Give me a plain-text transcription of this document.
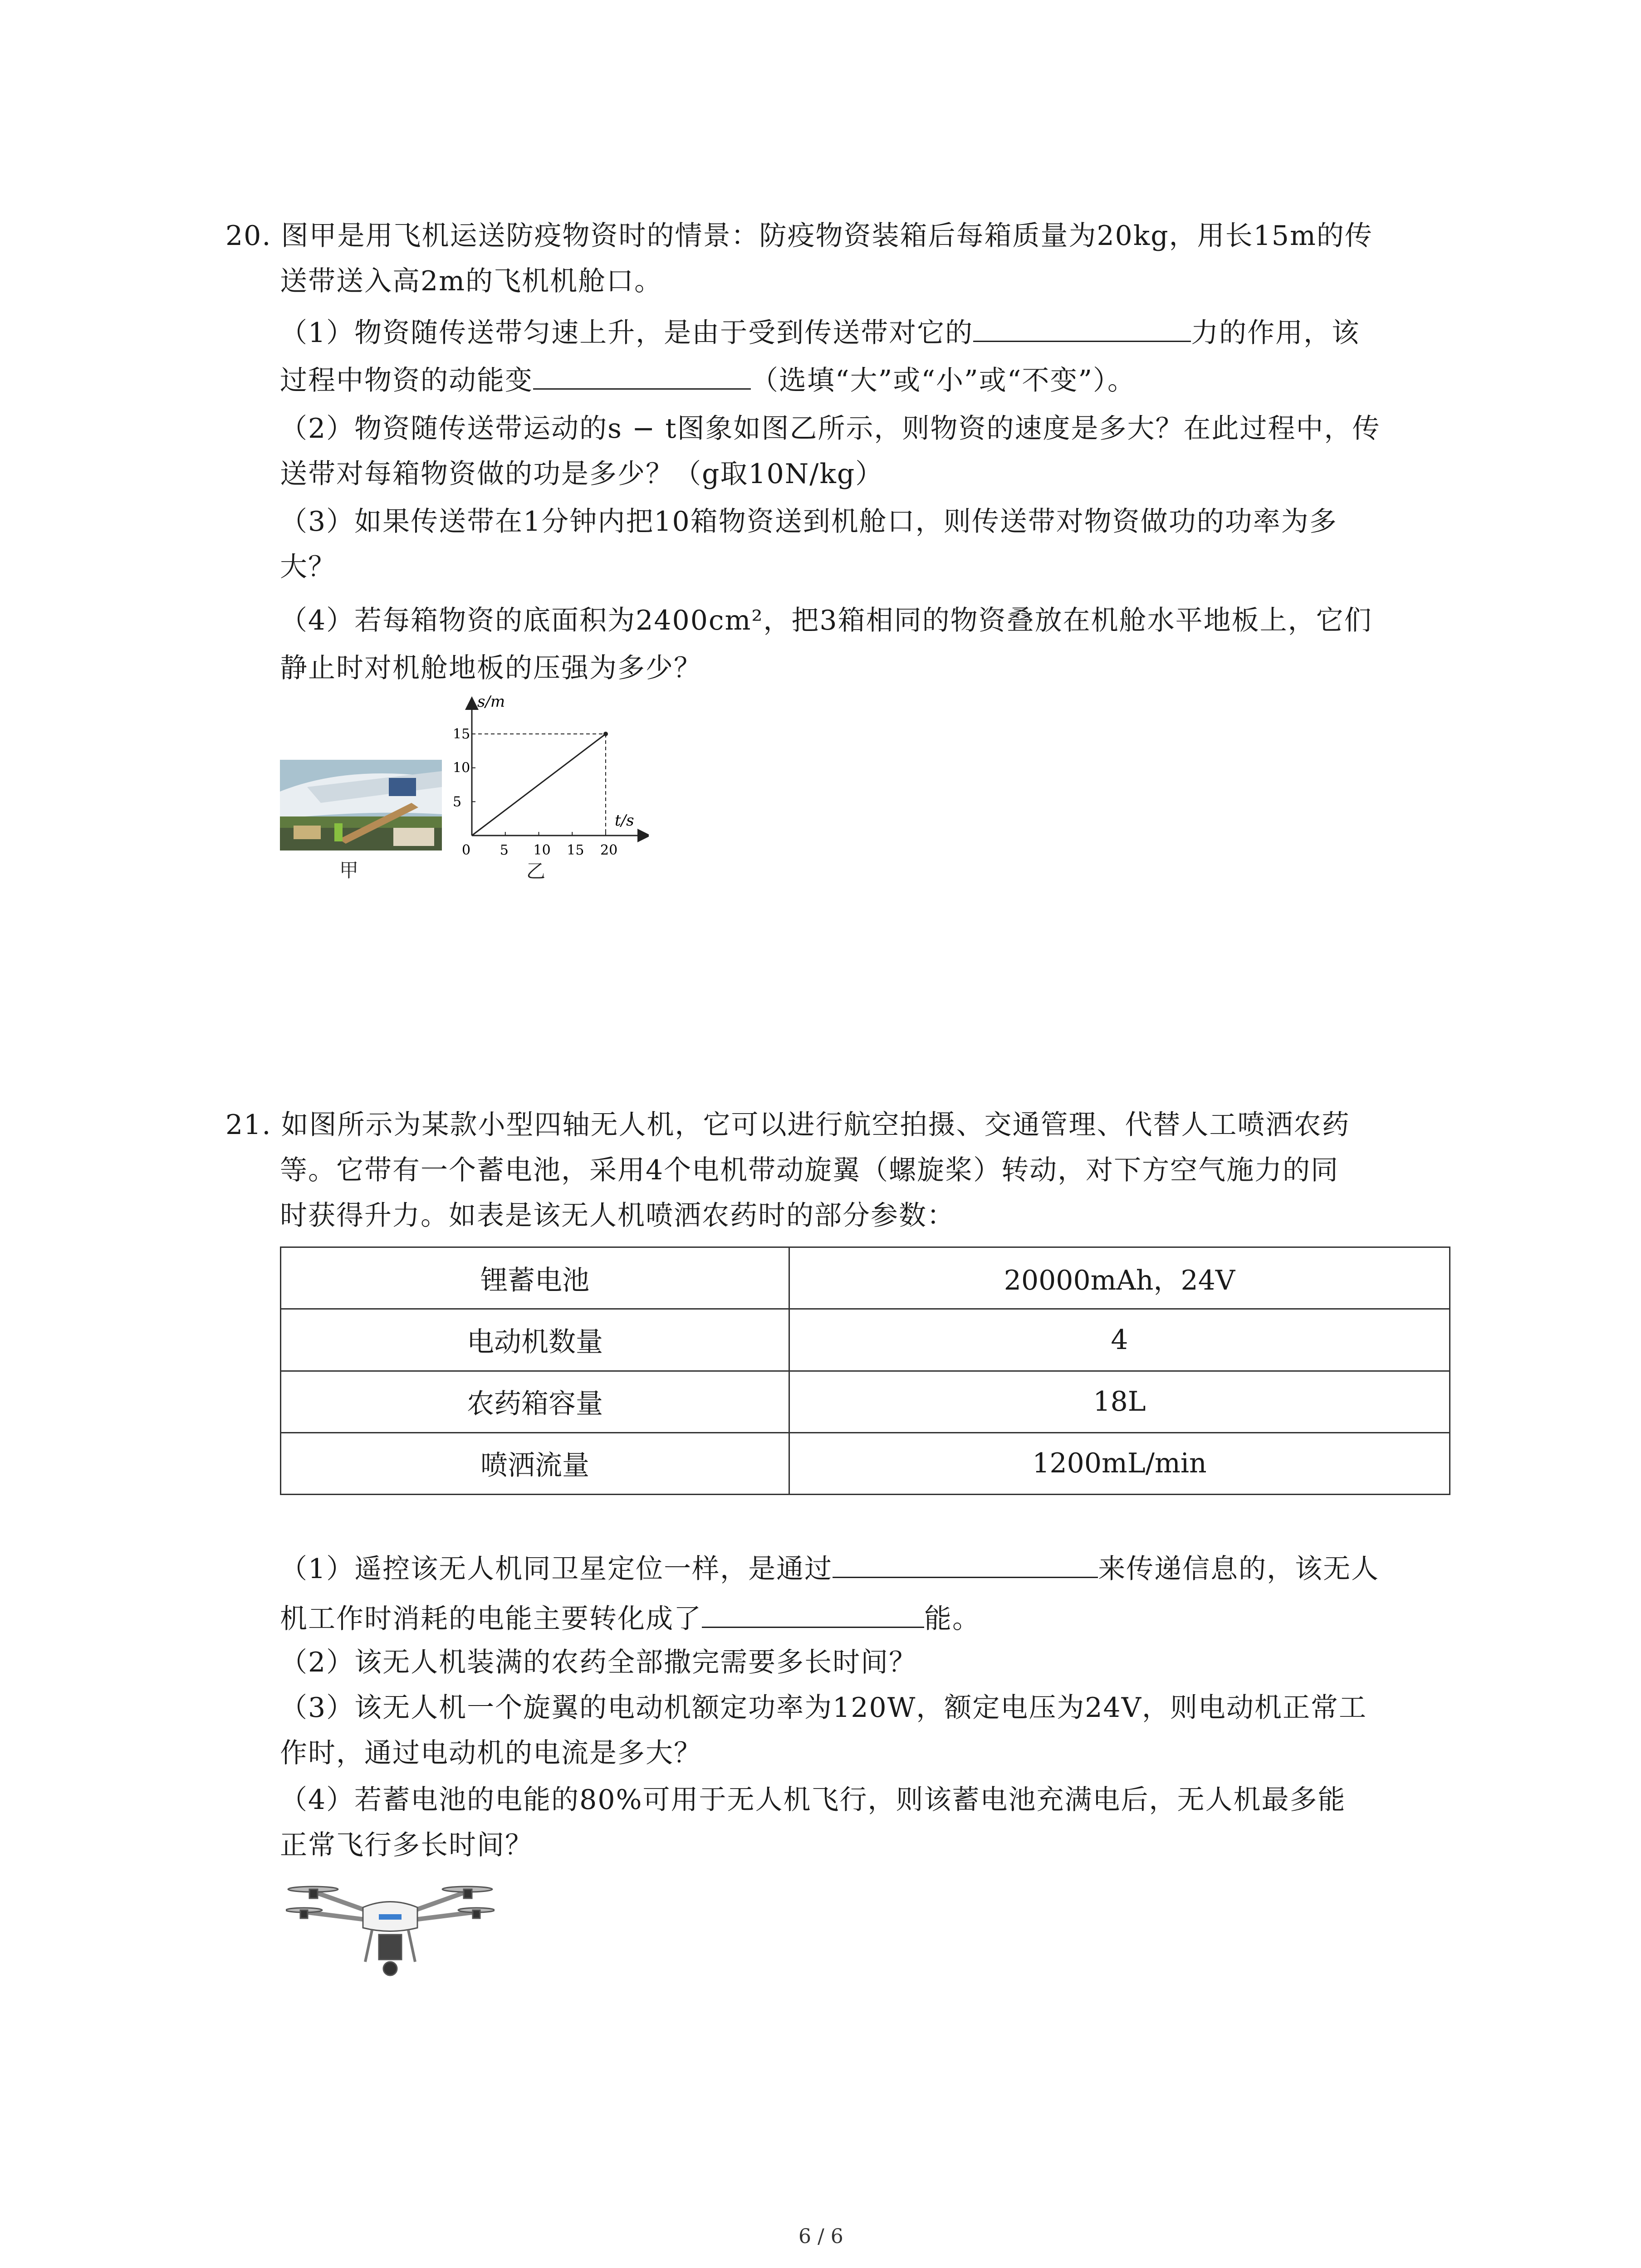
20. 图甲是用飞机运送防疫物资时的情景：防疫物资装箱后每箱质量为20kg，用长15m的传
送带送入高2m的飞机机舱口。
（1）物资随传送带匀速上升，是由于受到传送带对它的	力的作用，该
过程中物资的动能变	（选填“大”或“小”或“不变”）。
（2）物资随传送带运动的s − t图象如图乙所示，则物资的速度是多大？在此过程中，传
送带对每箱物资做的功是多少？（g取10N/kg）
（3）如果传送带在1分钟内把10箱物资送到机舱口，则传送带对物资做功的功率为多
大？
（4）若每箱物资的底面积为2400cm²，把3箱相同的物资叠放在机舱水平地板上，它们
静止时对机舱地板的压强为多少？
甲
0 5 10 15 20
5
10
15
s/m
t/s
乙
21. 如图所示为某款小型四轴无人机，它可以进行航空拍摄、交通管理、代替人工喷洒农药
等。它带有一个蓄电池，采用4个电机带动旋翼（螺旋桨）转动，对下方空气施力的同
时获得升力。如表是该无人机喷洒农药时的部分参数：
锂蓄电池	20000mAh，24V
电动机数量	4
农药箱容量	18L
喷洒流量	1200mL/min
（1）遥控该无人机同卫星定位一样，是通过	来传递信息的，该无人
机工作时消耗的电能主要转化成了	能。
（2）该无人机装满的农药全部撒完需要多长时间？
（3）该无人机一个旋翼的电动机额定功率为120W，额定电压为24V，则电动机正常工
作时，通过电动机的电流是多大？
（4）若蓄电池的电能的80%可用于无人机飞行，则该蓄电池充满电后，无人机最多能
正常飞行多长时间？
6 / 6
